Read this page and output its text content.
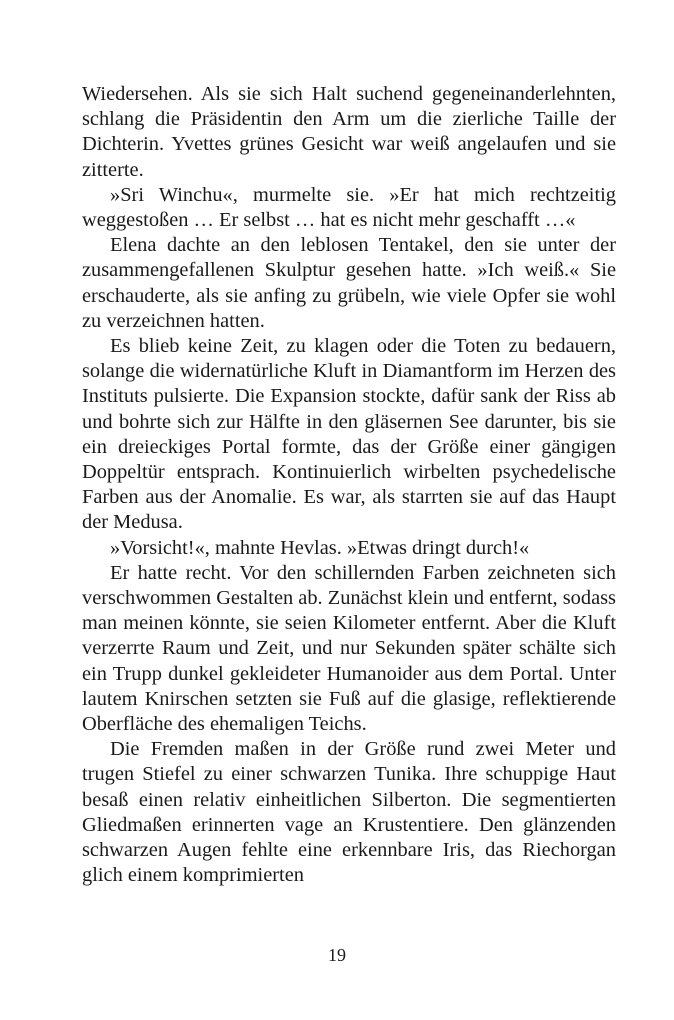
Wiedersehen. Als sie sich Halt suchend gegeneinanderlehnten, schlang die Präsidentin den Arm um die zierliche Taille der Dichterin. Yvettes grünes Gesicht war weiß angelaufen und sie zitterte.

»Sri Winchu«, murmelte sie. »Er hat mich rechtzeitig weggestoßen … Er selbst … hat es nicht mehr geschafft …«

Elena dachte an den leblosen Tentakel, den sie unter der zusammengefallenen Skulptur gesehen hatte. »Ich weiß.« Sie erschauderte, als sie anfing zu grübeln, wie viele Opfer sie wohl zu verzeichnen hatten.

Es blieb keine Zeit, zu klagen oder die Toten zu bedauern, solange die widernatürliche Kluft in Diamantform im Herzen des Instituts pulsierte. Die Expansion stockte, dafür sank der Riss ab und bohrte sich zur Hälfte in den gläsernen See darunter, bis sie ein dreieckiges Portal formte, das der Größe einer gängigen Doppeltür entsprach. Kontinuierlich wirbelten psychedelische Farben aus der Anomalie. Es war, als starrten sie auf das Haupt der Medusa.

»Vorsicht!«, mahnte Hevlas. »Etwas dringt durch!«

Er hatte recht. Vor den schillernden Farben zeichneten sich verschwommen Gestalten ab. Zunächst klein und entfernt, sodass man meinen könnte, sie seien Kilometer entfernt. Aber die Kluft verzerrte Raum und Zeit, und nur Sekunden später schälte sich ein Trupp dunkel gekleideter Humanoider aus dem Portal. Unter lautem Knirschen setzten sie Fuß auf die glasige, reflektierende Oberfläche des ehemaligen Teichs.

Die Fremden maßen in der Größe rund zwei Meter und trugen Stiefel zu einer schwarzen Tunika. Ihre schuppige Haut besaß einen relativ einheitlichen Silberton. Die segmentierten Gliedmaßen erinnerten vage an Krustentiere. Den glänzenden schwarzen Augen fehlte eine erkennbare Iris, das Riechorgan glich einem komprimierten

19
